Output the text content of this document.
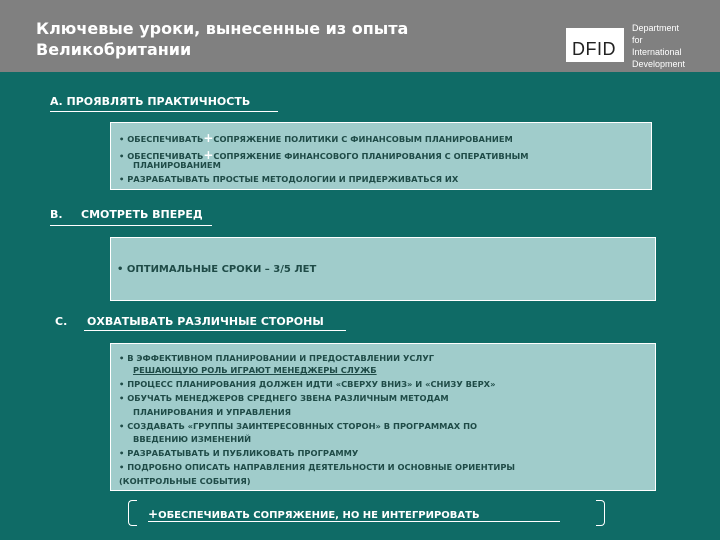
Ключевые уроки, вынесенные из опыта
Великобритании	DFID
Department
for
International
Development
А. ПРОЯВЛЯТЬ ПРАКТИЧНОСТЬ
• ОБЕСПЕЧИВАТЬ+СОПРЯЖЕНИЕ ПОЛИТИКИ С ФИНАНСОВЫМ ПЛАНИРОВАНИЕМ
• ОБЕСПЕЧИВАТЬ+СОПРЯЖЕНИЕ ФИНАНСОВОГО ПЛАНИРОВАНИЯ С ОПЕРАТИВНЫМ
ПЛАНИРОВАНИЕМ
• РАЗРАБАТЫВАТЬ ПРОСТЫЕ МЕТОДОЛОГИИ И ПРИДЕРЖИВАТЬСЯ ИХ
В. СМОТРЕТЬ ВПЕРЕД
• ОПТИМАЛЬНЫЕ СРОКИ – 3/5 ЛЕТ
С. ОХВАТЫВАТЬ РАЗЛИЧНЫЕ СТОРОНЫ
• В ЭФФЕКТИВНОМ ПЛАНИРОВАНИИ И ПРЕДОСТАВЛЕНИИ УСЛУГ
РЕШАЮЩУЮ РОЛЬ ИГРАЮТ МЕНЕДЖЕРЫ СЛУЖБ
• ПРОЦЕСС ПЛАНИРОВАНИЯ ДОЛЖЕН ИДТИ «СВЕРХУ ВНИЗ» И «СНИЗУ ВЕРХ»
• ОБУЧАТЬ МЕНЕДЖЕРОВ СРЕДНЕГО ЗВЕНА РАЗЛИЧНЫМ МЕТОДАМ
ПЛАНИРОВАНИЯ И УПРАВЛЕНИЯ
• СОЗДАВАТЬ «ГРУППЫ ЗАИНТЕРЕСОВННЫХ СТОРОН» В ПРОГРАММАХ ПО
ВВЕДЕНИЮ ИЗМЕНЕНИЙ
• РАЗРАБАТЫВАТЬ И ПУБЛИКОВАТЬ ПРОГРАММУ
• ПОДРОБНО ОПИСАТЬ НАПРАВЛЕНИЯ ДЕЯТЕЛЬНОСТИ И ОСНОВНЫЕ ОРИЕНТИРЫ
(КОНТРОЛЬНЫЕ СОБЫТИЯ)
+ОБЕСПЕЧИВАТЬ СОПРЯЖЕНИЕ, НО НЕ ИНТЕГРИРОВАТЬ
